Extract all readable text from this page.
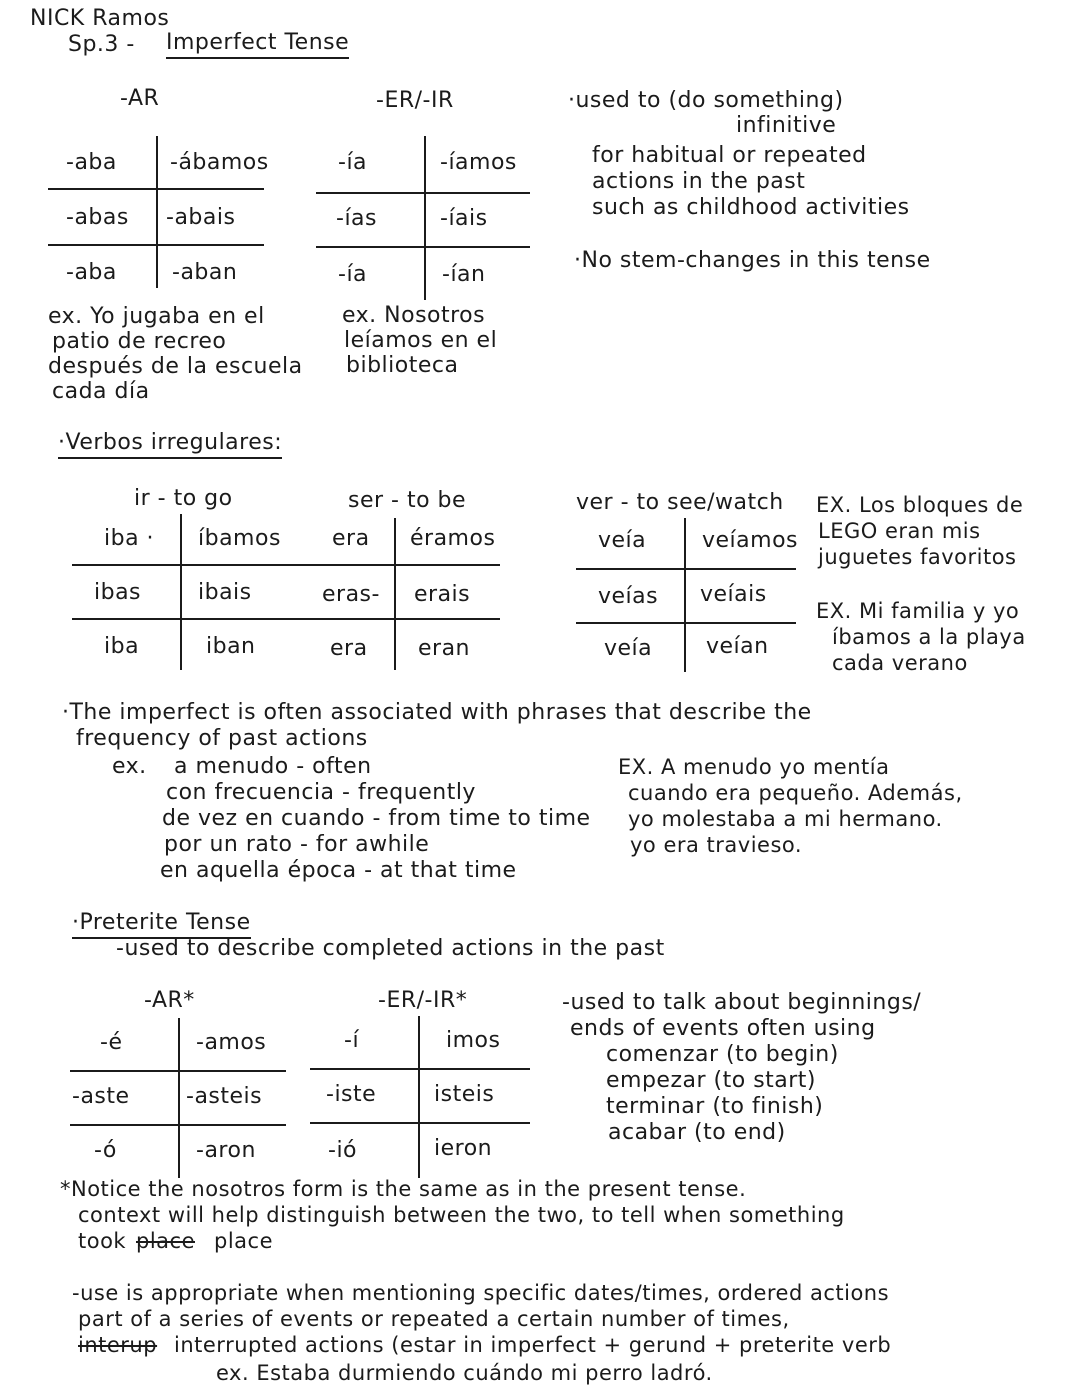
NICK Ramos
Sp.3 - Imperfect Tense
-AR
-aba -ábamos
-abas -abais
-aba	-aban
ex. Yo jugaba en el
patio de recreo
después de la escuela
cada día
-ER/-IR
-ía	-íamos
-ías	-íais
-ía	-ían
ex. Nosotros
leíamos en el
biblioteca
·used to (do something)
infinitive
for habitual or repeated
actions in the past
such as childhood activities
·No stem-changes in this tense
·Verbos irregulares:
ir - to go	ser - to be	ver - to see/watch
iba · íbamos
ibas	ibais
iba	iban
era éramos
eras- erais
era eran
veía	veíamos
veías veíais
veía veían
EX. Los bloques de
LEGO eran mis
juguetes favoritos
EX. Mi familia y yo
íbamos a la playa
cada verano
·The imperfect is often associated with phrases that describe the
frequency of past actions
ex. a menudo - often
con frecuencia - frequently
de vez en cuando - from time to time
por un rato - for awhile
en aquella época - at that time
EX. A menudo yo mentía
cuando era pequeño. Además,
yo molestaba a mi hermano.
yo era travieso.
·Preterite Tense
-used to describe completed actions in the past
-AR*	-ER/-IR*
-é	-amos
-aste	-asteis
-ó	-aron
-í	imos
-iste	isteis
-ió	ieron
-used to talk about beginnings/
ends of events often using
comenzar (to begin)
empezar (to start)
terminar (to finish)
acabar (to end)
*Notice the nosotros form is the same as in the present tense.
context will help distinguish between the two, to tell when something
took place place
-use is appropriate when mentioning specific dates/times, ordered actions
part of a series of events or repeated a certain number of times,
interup interrupted actions (estar in imperfect + gerund + preterite verb
ex. Estaba durmiendo cuándo mi perro ladró.
